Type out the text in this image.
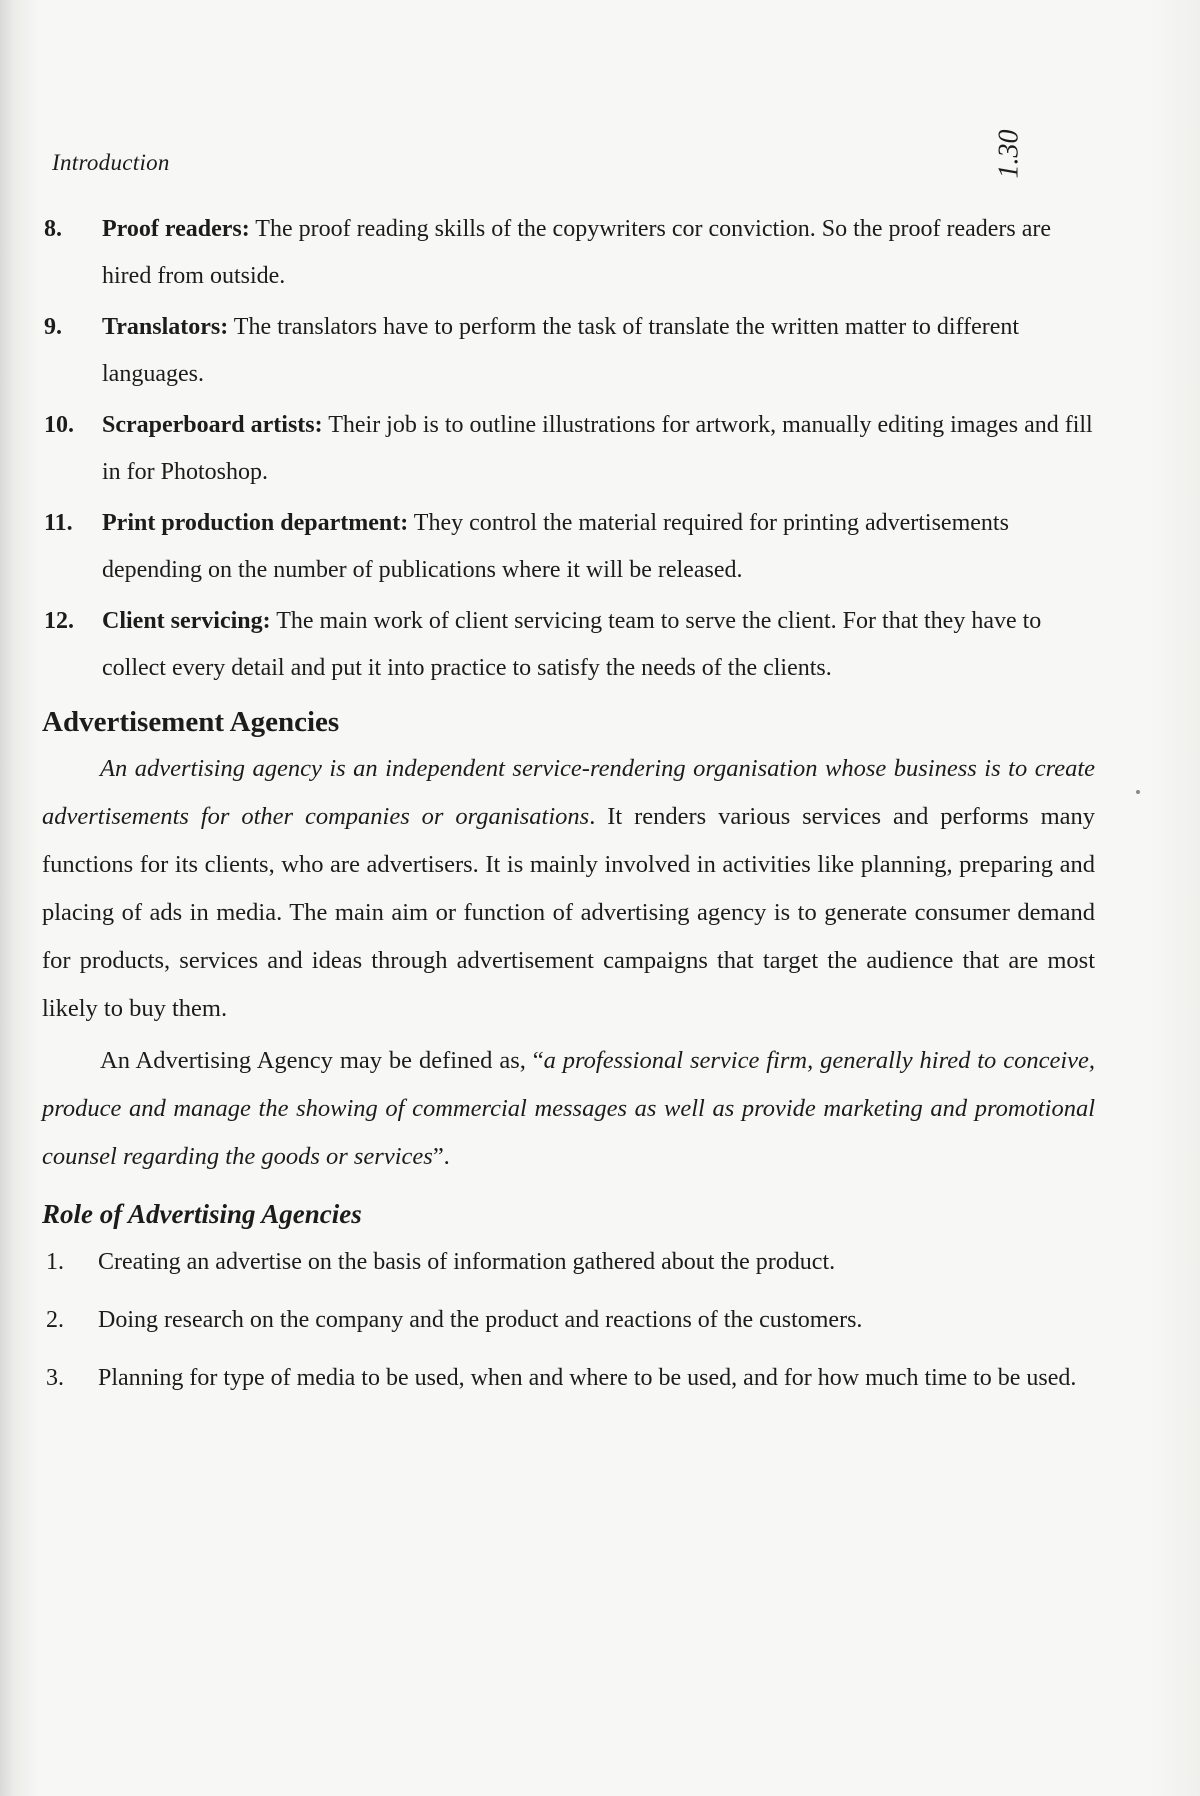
Introduction	1.30
8. Proof readers: The proof reading skills of the copywriters cor conviction. So the proof readers are hired from outside.
9. Translators: The translators have to perform the task of translate the written matter to different languages.
10. Scraperboard artists: Their job is to outline illustrations for artwork, manually editing images and fill in for Photoshop.
11. Print production department: They control the material required for printing advertisements depending on the number of publications where it will be released.
12. Client servicing: The main work of client servicing team to serve the client. For that they have to collect every detail and put it into practice to satisfy the needs of the clients.
Advertisement Agencies

An advertising agency is an independent service-rendering organisation whose business is to create advertisements for other companies or organisations. It renders various services and performs many functions for its clients, who are advertisers. It is mainly involved in activities like planning, preparing and placing of ads in media. The main aim or function of advertising agency is to generate consumer demand for products, services and ideas through advertisement campaigns that target the audience that are most likely to buy them.

An Advertising Agency may be defined as, “a professional service firm, generally hired to conceive, produce and manage the showing of commercial messages as well as provide marketing and promotional counsel regarding the goods or services”.

Role of Advertising Agencies
1. Creating an advertise on the basis of information gathered about the product.
2. Doing research on the company and the product and reactions of the customers.
3. Planning for type of media to be used, when and where to be used, and for how much time to be used.
